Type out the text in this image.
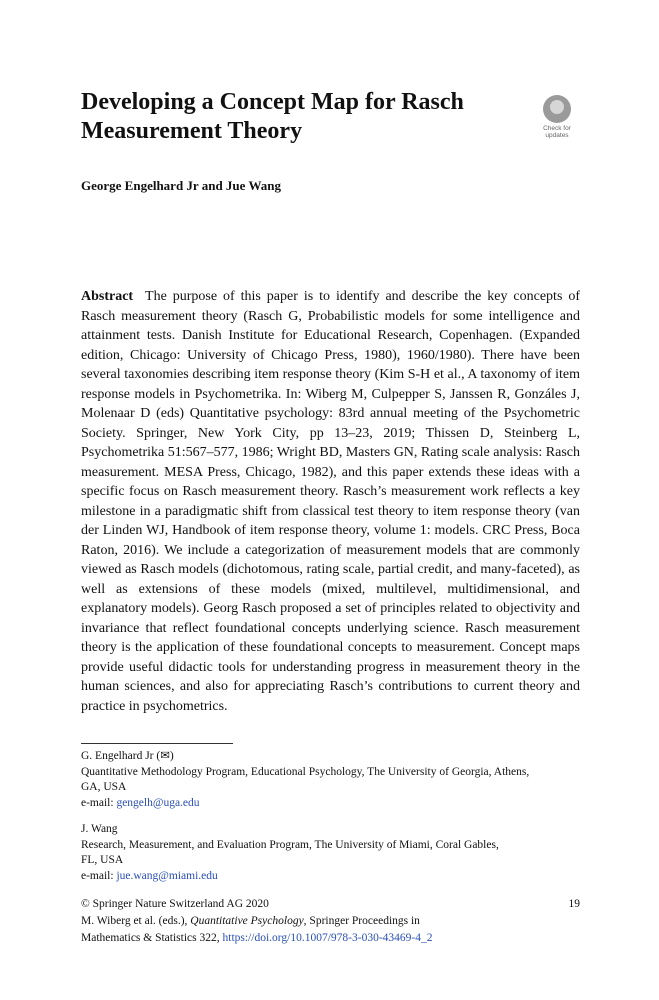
Developing a Concept Map for Rasch Measurement Theory	Check for
updates
George Engelhard Jr and Jue Wang

Abstract The purpose of this paper is to identify and describe the key concepts of Rasch measurement theory (Rasch G, Probabilistic models for some intelligence and attainment tests. Danish Institute for Educational Research, Copenhagen. (Expanded edition, Chicago: University of Chicago Press, 1980), 1960/1980). There have been several taxonomies describing item response theory (Kim S-H et al., A taxonomy of item response models in Psychometrika. In: Wiberg M, Culpepper S, Janssen R, Gonzáles J, Molenaar D (eds) Quantitative psychology: 83rd annual meeting of the Psychometric Society. Springer, New York City, pp 13–23, 2019; Thissen D, Steinberg L, Psychometrika 51:567–577, 1986; Wright BD, Masters GN, Rating scale analysis: Rasch measurement. MESA Press, Chicago, 1982), and this paper extends these ideas with a specific focus on Rasch measurement theory. Rasch’s measurement work reflects a key milestone in a paradigmatic shift from classical test theory to item response theory (van der Linden WJ, Handbook of item response theory, volume 1: models. CRC Press, Boca Raton, 2016). We include a categorization of measurement models that are commonly viewed as Rasch models (dichotomous, rating scale, partial credit, and many-faceted), as well as extensions of these models (mixed, multilevel, multidimensional, and explanatory models). Georg Rasch proposed a set of principles related to objectivity and invariance that reflect foundational concepts underlying science. Rasch measurement theory is the application of these foundational concepts to measurement. Concept maps provide useful didactic tools for understanding progress in measurement theory in the human sciences, and also for appreciating Rasch’s contributions to current theory and practice in psychometrics.

G. Engelhard Jr (✉)
Quantitative Methodology Program, Educational Psychology, The University of Georgia, Athens,
GA, USA
e-mail: gengelh@uga.edu
J. Wang
Research, Measurement, and Evaluation Program, The University of Miami, Coral Gables,
FL, USA
e-mail: jue.wang@miami.edu
© Springer Nature Switzerland AG 2020	19
M. Wiberg et al. (eds.), Quantitative Psychology, Springer Proceedings in
Mathematics & Statistics 322, https://doi.org/10.1007/978-3-030-43469-4_2
